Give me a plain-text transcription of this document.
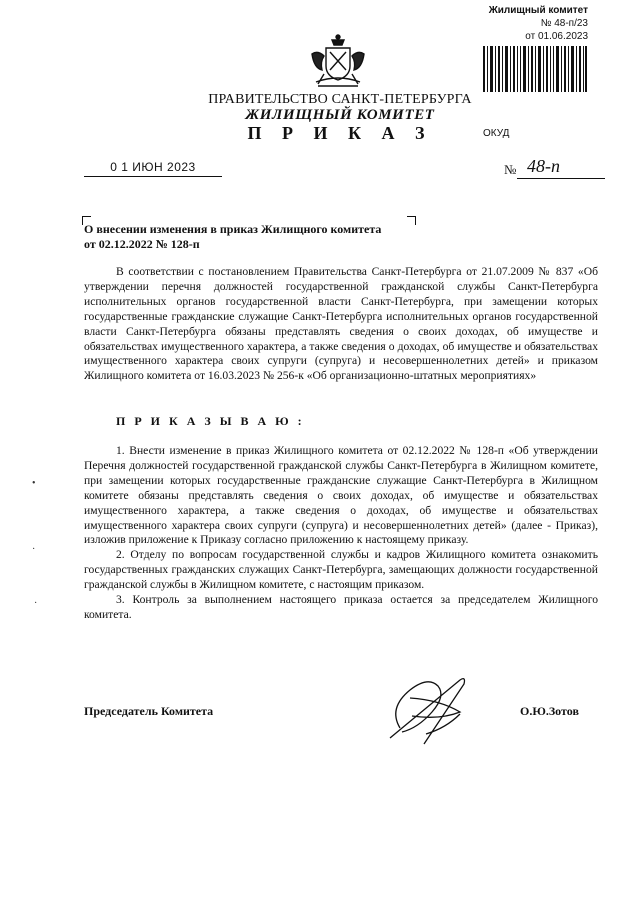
Жилищный комитет
№ 48-п/23
от 01.06.2023
ПРАВИТЕЛЬСТВО САНКТ-ПЕТЕРБУРГА
ЖИЛИЩНЫЙ КОМИТЕТ
П Р И К А З	ОКУД
0 1 ИЮН 2023	№ 48-п
О внесении изменения в приказ Жилищного комитета
от 02.12.2022 № 128-п
В соответствии с постановлением Правительства Санкт-Петербурга от 21.07.2009 № 837 «Об утверждении перечня должностей государственной гражданской службы Санкт-Петербурга исполнительных органов государственной власти Санкт-Петербурга, при замещении которых государственные гражданские служащие Санкт-Петербурга исполнительных органов государственной власти Санкт-Петербурга обязаны представлять сведения о своих доходах, об имуществе и обязательствах имущественного характера, а также сведения о доходах, об имуществе и обязательствах имущественного характера своих супруги (супруга) и несовершеннолетних детей» и приказом Жилищного комитета от 16.03.2023 № 256-к «Об организационно-штатных мероприятиях»
П Р И К А З Ы В А Ю :
1. Внести изменение в приказ Жилищного комитета от 02.12.2022 № 128-п «Об утверждении Перечня должностей государственной гражданской службы Санкт-Петербурга в Жилищном комитете, при замещении которых государственные гражданские служащие Санкт-Петербурга в Жилищном комитете обязаны представлять сведения о своих доходах, об имуществе и обязательствах имущественного характера, а также сведения о доходах, об имуществе и обязательствах имущественного характера своих супруги (супруга) и несовершеннолетних детей» (далее - Приказ), изложив приложение к Приказу согласно приложению к настоящему приказу.
2. Отделу по вопросам государственной службы и кадров Жилищного комитета ознакомить государственных гражданских служащих Санкт-Петербурга, замещающих должности государственной гражданской службы в Жилищном комитете, с настоящим приказом.
3. Контроль за выполнением настоящего приказа остается за председателем Жилищного комитета.
•
·
·
Председатель Комитета	О.Ю.Зотов
